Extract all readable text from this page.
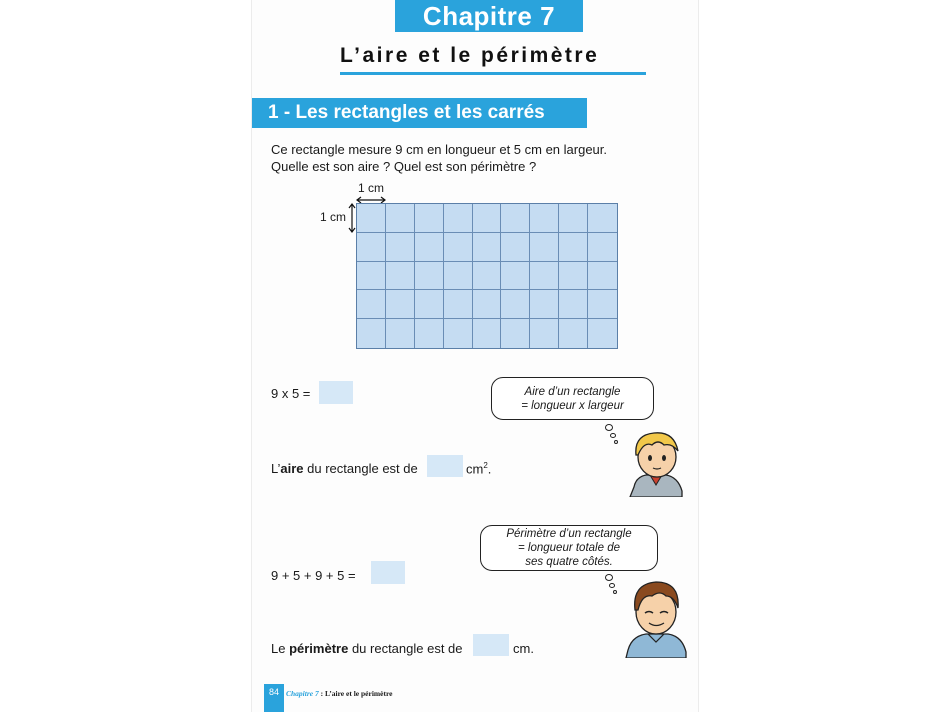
Chapitre 7
L’aire et le périmètre
1 - Les rectangles et les carrés
Ce rectangle mesure 9 cm en longueur et 5 cm en largeur.
Quelle est son aire ? Quel est son périmètre ?
1 cm
1 cm
9 x 5 =	Aire d’un rectangle
= longueur x largeur
L’aire du rectangle est de	$cm^2$.
Périmètre d’un rectangle
= longueur totale de
ses quatre côtés.
9 + 5 + 9 + 5 =
Le périmètre du rectangle est de	cm.
84 Chapitre 7 : L’aire et le périmètre
